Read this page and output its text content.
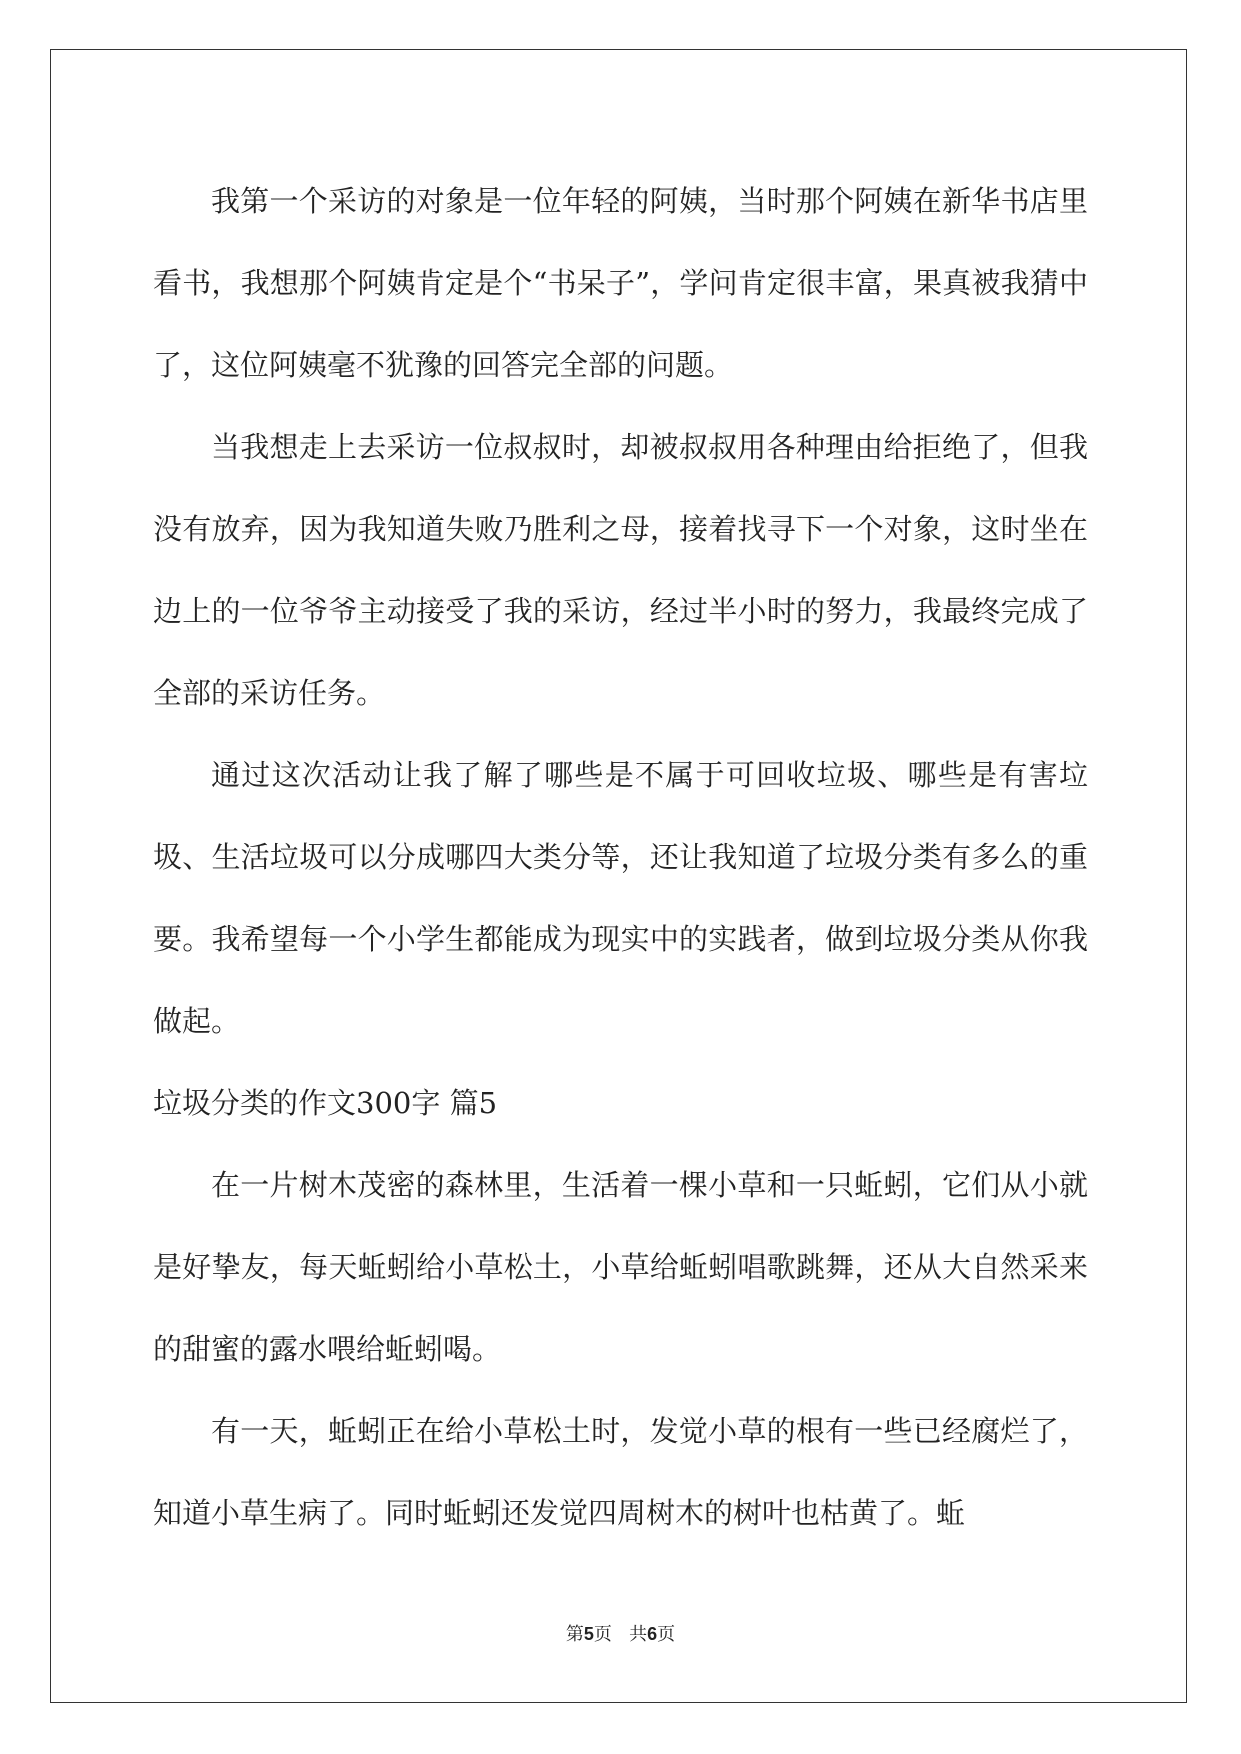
我第一个采访的对象是一位年轻的阿姨，当时那个阿姨在新华书店里看书，我想那个阿姨肯定是个“书呆子”，学问肯定很丰富，果真被我猜中了，这位阿姨毫不犹豫的回答完全部的问题。

当我想走上去采访一位叔叔时，却被叔叔用各种理由给拒绝了，但我没有放弃，因为我知道失败乃胜利之母，接着找寻下一个对象，这时坐在边上的一位爷爷主动接受了我的采访，经过半小时的努力，我最终完成了全部的采访任务。

通过这次活动让我了解了哪些是不属于可回收垃圾、哪些是有害垃圾、生活垃圾可以分成哪四大类分等，还让我知道了垃圾分类有多么的重要。我希望每一个小学生都能成为现实中的实践者，做到垃圾分类从你我做起。

垃圾分类的作文300字 篇5

在一片树木茂密的森林里，生活着一棵小草和一只蚯蚓，它们从小就是好挚友，每天蚯蚓给小草松土，小草给蚯蚓唱歌跳舞，还从大自然采来的甜蜜的露水喂给蚯蚓喝。

有一天，蚯蚓正在给小草松土时，发觉小草的根有一些已经腐烂了，知道小草生病了。同时蚯蚓还发觉四周树木的树叶也枯黄了。蚯

第5页   共6页
